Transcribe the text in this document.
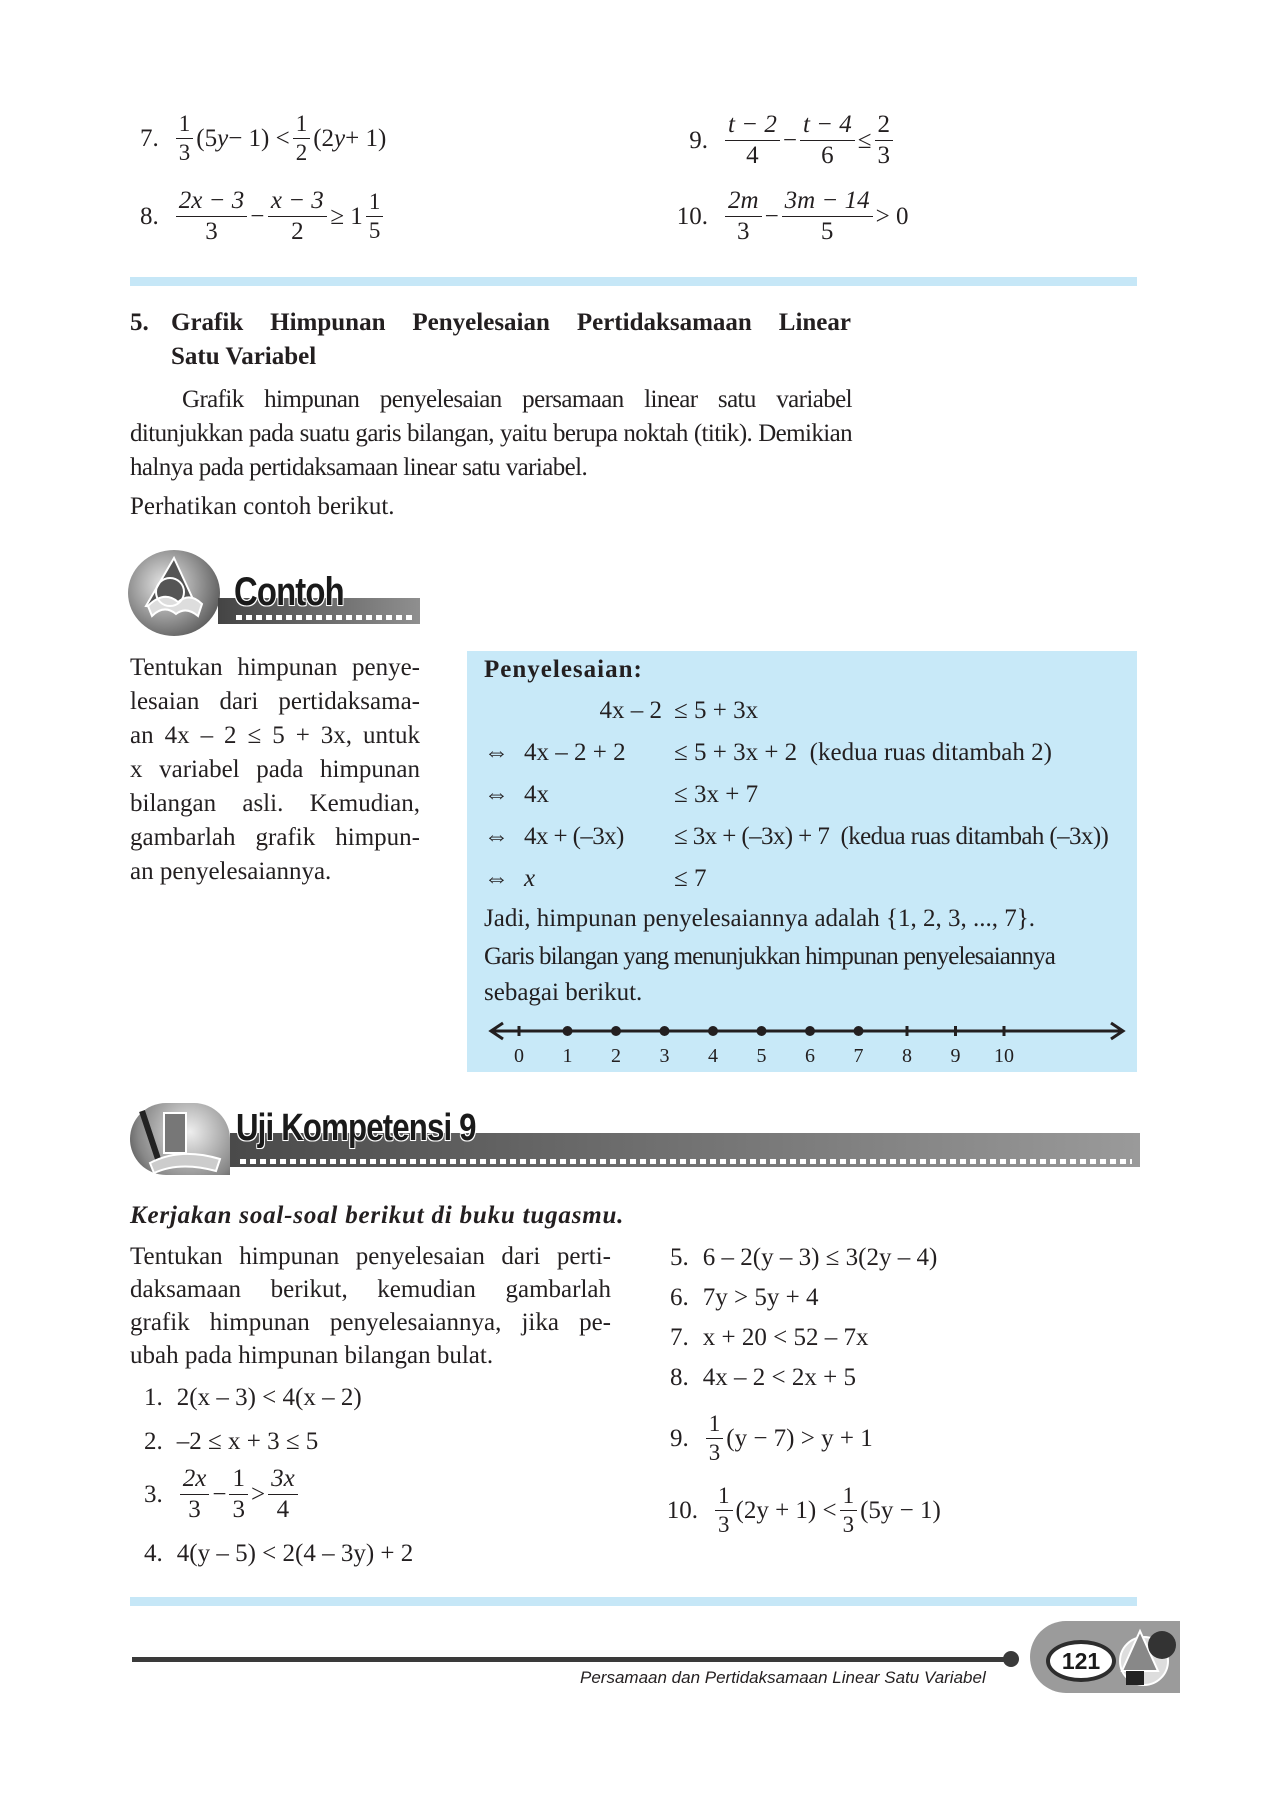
7. $\frac{1}{3} (5$ $y - 1) < \frac{1}{2} (2$ y + 1)
8. $\frac{2x - 3}{3} - \frac{x - 3}{2} \ge 1 \frac{1}{5}$
9. $\frac{t - 2}{4} - \frac{t - 4}{6} \le \frac{2}{3}$
10. $\frac{2m}{3} - \frac{3m - 14}{5} > 0$
5. Grafik Himpunan Penyelesaian Pertidaksamaan Linear
Satu Variabel
Grafik himpunan penyelesaian persamaan linear satu variabel ditunjukkan pada suatu garis bilangan, yaitu berupa noktah (titik). Demikian halnya pada pertidaksamaan linear satu variabel.
Perhatikan contoh berikut.
Contoh
Tentukan himpunan penye-
lesaian dari pertidaksama-
an 4x – 2 ≤ 5 + 3x, untuk
x variabel pada himpunan
bilangan asli. Kemudian,
gambarlah grafik himpun-
an penyelesaiannya.
Penyelesaian:
4x – 2 ≤ 5 + 3x
⇔ 4x – 2 + 2 ≤ 5 + 3x + 2 (kedua ruas ditambah 2)
⇔ 4x	≤ 3x + 7
⇔ 4x + (–3x) ≤ 3x + (–3x) + 7 (kedua ruas ditambah (–3x))
⇔ x	≤ 7
Jadi, himpunan penyelesaiannya adalah {1, 2, 3, ..., 7}.
Garis bilangan yang menunjukkan himpunan penyelesaiannya
sebagai berikut.
0 1 2 3 4 5 6 7 8 9 10
Uji Kompetensi 9
Kerjakan soal-soal berikut di buku tugasmu.
Tentukan himpunan penyelesaian dari perti-
daksamaan berikut, kemudian gambarlah
grafik himpunan penyelesaiannya, jika pe-
ubah pada himpunan bilangan bulat.
1. 2(x – 3) < 4(x – 2)
2. –2 ≤ x + 3 ≤ 5
3. $\frac{2x}{3} - \frac{1}{3} > \frac{3x}{4}$
4. 4(y – 5) < 2(4 – 3y) + 2
5. 6 – 2(y – 3) ≤ 3(2y – 4)
6. 7y > 5y + 4
7. x + 20 < 52 – 7x
8. 4x – 2 < 2x + 5
9. $\frac{1}{3} (y - 7) > y + 1$
10. $\frac{1}{3} (2y + 1) < \frac{1}{3} (5y - 1)$
Persamaan dan Pertidaksamaan Linear Satu Variabel
121
